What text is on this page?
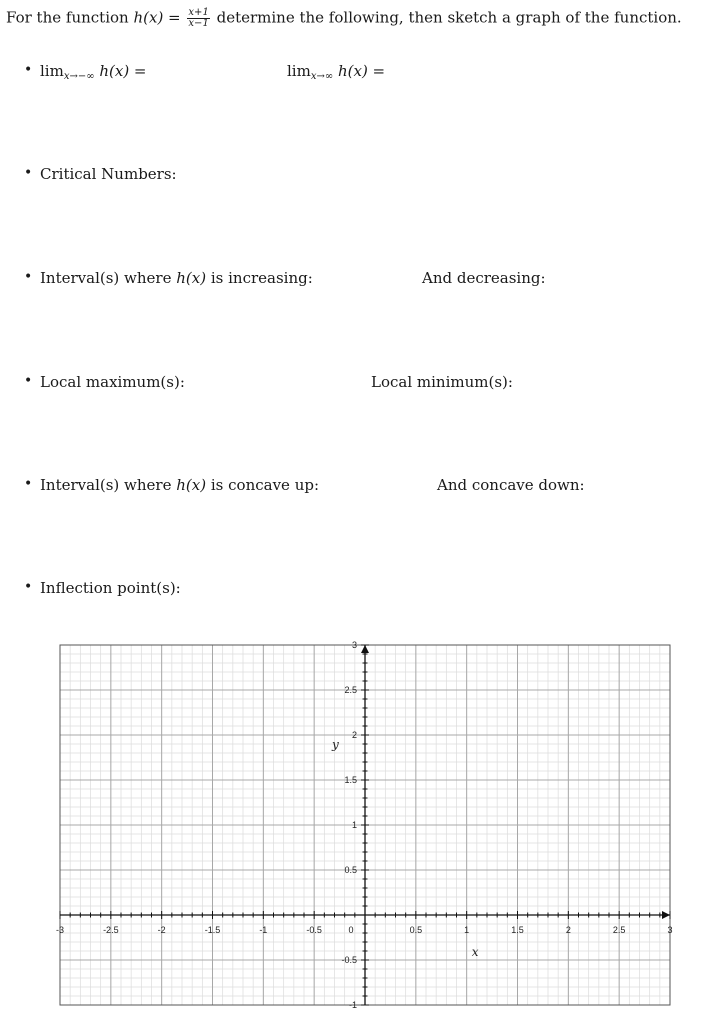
For the function $h(x) = \frac{x+1}{x-1}$ determine the following, then sketch a graph of the function.
• $\lim_{x\to-\infty} h(x)$ =	$\lim_{x\to\infty} h(x)$ =
• Critical Numbers:
• Interval(s) where h(x) is increasing:	And decreasing:
• Local maximum(s):	Local minimum(s):
• Interval(s) where h(x) is concave up:	And concave down:
• Inflection point(s):
-3	-2.5	-2	-1.5	-1	-0.5	0	0.5	1	1.5	2	2.5	3
-1
-0.5
0.5
1
1.5
2
2.5
3
x
y
